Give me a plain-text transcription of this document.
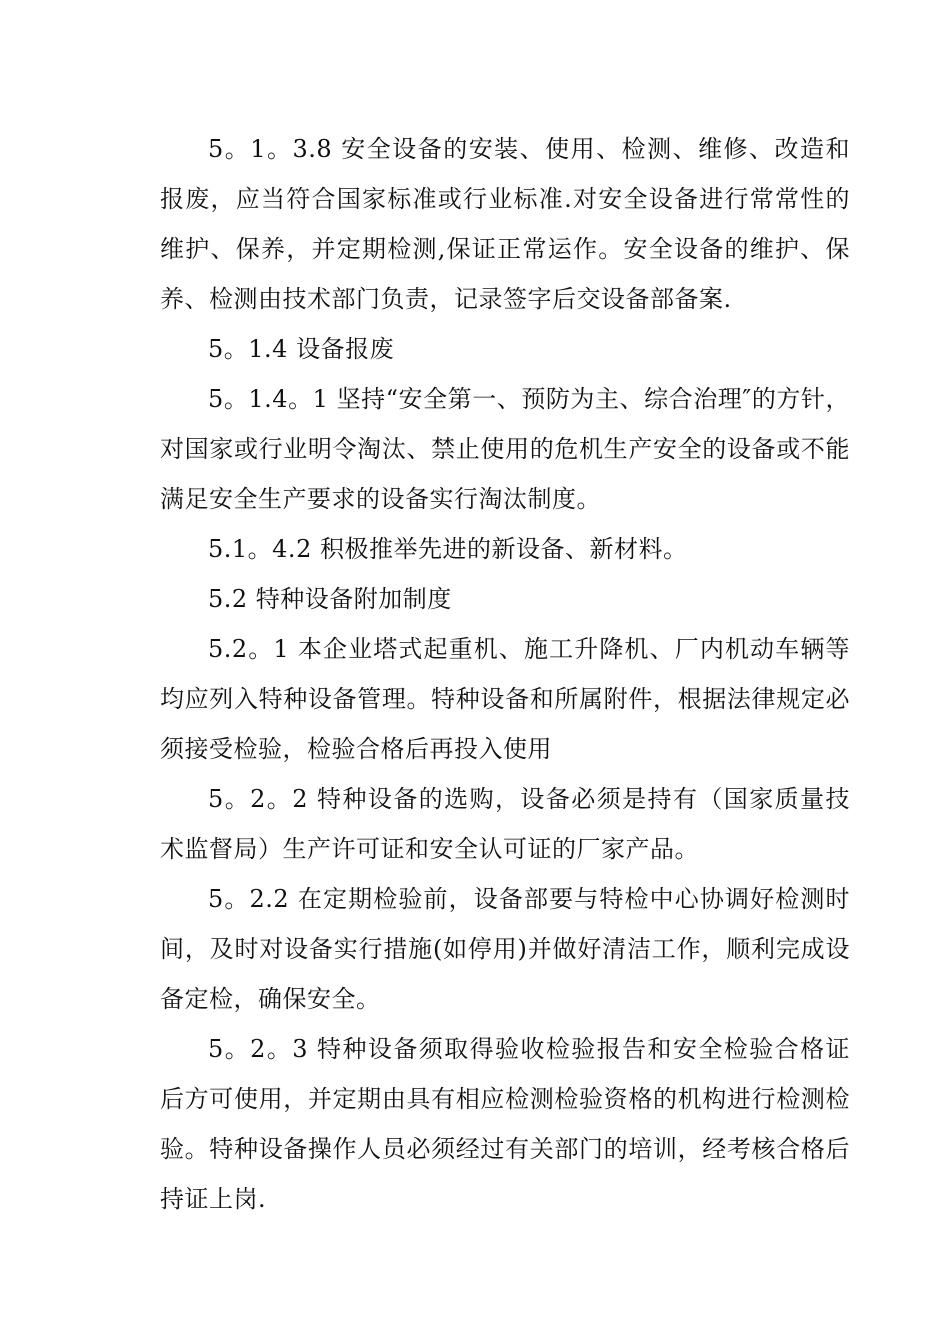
5。1。3.8 安全设备的安装、使用、检测、维修、改造和报废，应当符合国家标准或行业标准.对安全设备进行常常性的维护、保养，并定期检测,保证正常运作。安全设备的维护、保养、检测由技术部门负责，记录签字后交设备部备案.

5。1.4 设备报废

5。1.4。1 坚持“安全第一、预防为主、综合治理″的方针，对国家或行业明令淘汰、禁止使用的危机生产安全的设备或不能满足安全生产要求的设备实行淘汰制度。

5.1。4.2 积极推举先进的新设备、新材料。

5.2 特种设备附加制度

5.2。1 本企业塔式起重机、施工升降机、厂内机动车辆等均应列入特种设备管理。特种设备和所属附件，根据法律规定必须接受检验，检验合格后再投入使用

5。2。2 特种设备的选购，设备必须是持有（国家质量技术监督局）生产许可证和安全认可证的厂家产品。

5。2.2 在定期检验前，设备部要与特检中心协调好检测时间，及时对设备实行措施(如停用)并做好清洁工作，顺利完成设备定检，确保安全。

5。2。3 特种设备须取得验收检验报告和安全检验合格证后方可使用，并定期由具有相应检测检验资格的机构进行检测检验。特种设备操作人员必须经过有关部门的培训，经考核合格后持证上岗.
